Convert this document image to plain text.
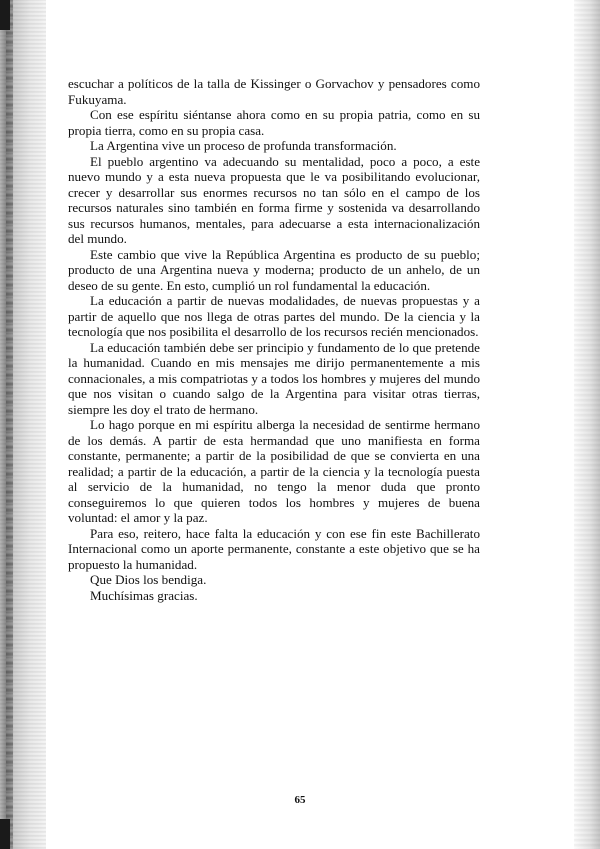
escuchar a políticos de la talla de Kissinger o Gorvachov y pensadores como Fukuyama.

Con ese espíritu siéntanse ahora como en su propia patria, como en su propia tierra, como en su propia casa.

La Argentina vive un proceso de profunda transformación.

El pueblo argentino va adecuando su mentalidad, poco a poco, a este nuevo mundo y a esta nueva propuesta que le va posibilitando evolucionar, crecer y desarrollar sus enormes recursos no tan sólo en el campo de los recursos naturales sino también en forma firme y sostenida va desarrollando sus recursos humanos, mentales, para adecuarse a esta internacionalización del mundo.

Este cambio que vive la República Argentina es producto de su pueblo; producto de una Argentina nueva y moderna; producto de un anhelo, de un deseo de su gente. En esto, cumplió un rol fundamental la educación.

La educación a partir de nuevas modalidades, de nuevas propuestas y a partir de aquello que nos llega de otras partes del mundo. De la ciencia y la tecnología que nos posibilita el desarrollo de los recursos recién mencionados.

La educación también debe ser principio y fundamento de lo que pretende la humanidad. Cuando en mis mensajes me dirijo permanentemente a mis connacionales, a mis compatriotas y a todos los hombres y mujeres del mundo que nos visitan o cuando salgo de la Argentina para visitar otras tierras, siempre les doy el trato de hermano.

Lo hago porque en mi espíritu alberga la necesidad de sentirme hermano de los demás. A partir de esta hermandad que uno manifiesta en forma constante, permanente; a partir de la posibilidad de que se convierta en una realidad; a partir de la educación, a partir de la ciencia y la tecnología puesta al servicio de la humanidad, no tengo la menor duda que pronto conseguiremos lo que quieren todos los hombres y mujeres de buena voluntad: el amor y la paz.

Para eso, reitero, hace falta la educación y con ese fin este Bachillerato Internacional como un aporte permanente, constante a este objetivo que se ha propuesto la humanidad.

Que Dios los bendiga.

Muchísimas gracias.

65
